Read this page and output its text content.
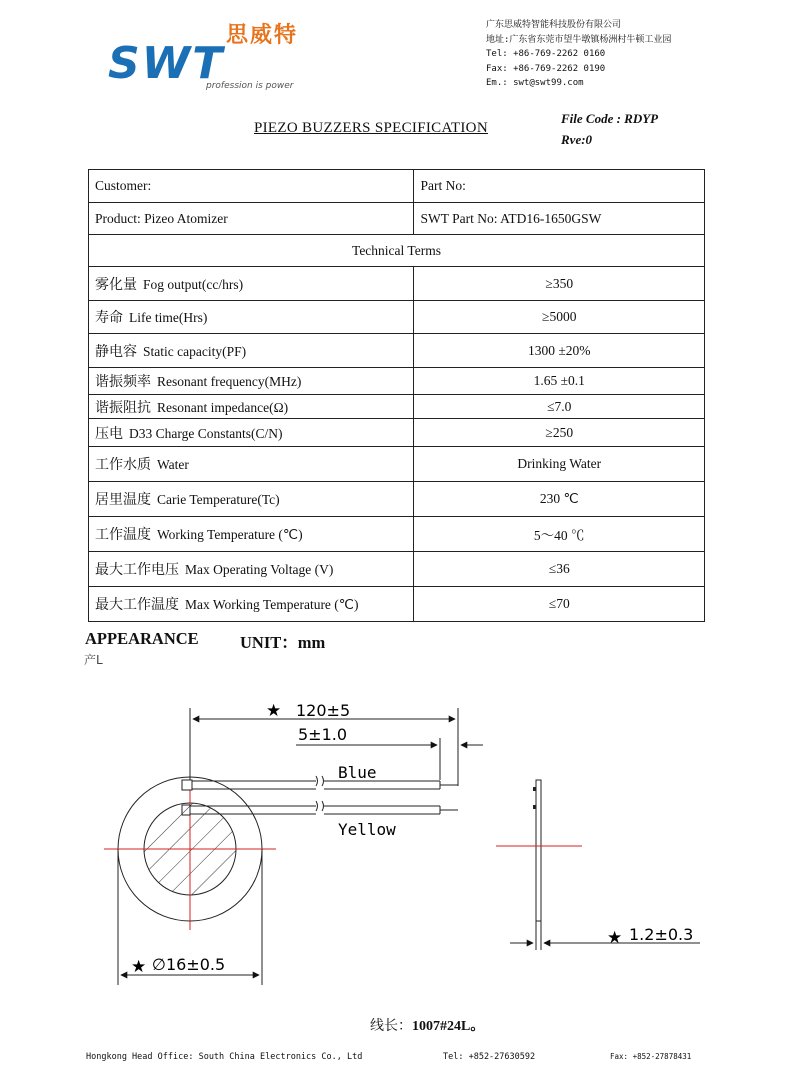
思威特
SWT
profession is power
广东思威特智能科技股份有限公司
地址:广东省东莞市望牛墩镇杨洲村牛顿工业园
Tel: +86-769-2262 0160
Fax: +86-769-2262 0190
Em.: swt@swt99.com
PIEZO BUZZERS SPECIFICATION
File Code : RDYP
Rve:0
Customer:	Part No:
Product: Pizeo Atomizer	SWT Part No: ATD16-1650GSW
Technical Terms	
雾化量 Fog output(cc/hrs)	≥350
寿命 Life time(Hrs)	≥5000
静电容 Static capacity(PF)	1300 ±20%
谐振频率 Resonant frequency(MHz)	1.65 ±0.1
谐振阻抗 Resonant impedance(Ω)	≤7.0
压电 D33 Charge Constants(C/N)	≥250
工作水质 Water	Drinking Water
居里温度 Carie Temperature(Tc)	230 ℃
工作温度 Working Temperature (℃)	5～40 ℃
最大工作电压 Max Operating Voltage (V)	≤36
最大工作温度 Max Working Temperature (℃)	≤70
APPEARANCE	UNIT：mm
产L
★ 120±5
5±1.0
Blue
Yellow
★ ∅16±0.5
★ 1.2±0.3
线长：1007#24L。
Hongkong Head Office: South China Electronics Co., Ltd	Tel: +852-27630592	Fax: +852-27878431
